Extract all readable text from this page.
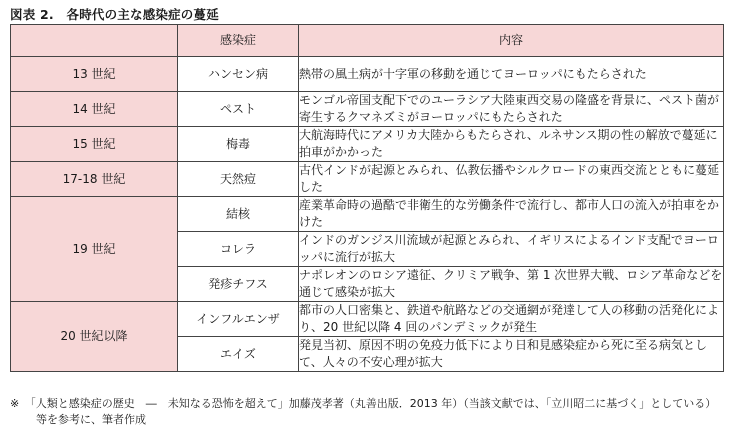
図表 2.　各時代の主な感染症の蔓延
	感染症	内容
13 世紀	ハンセン病	熱帯の風土病が十字軍の移動を通じてヨーロッパにもたらされた
14 世紀	ペスト	モンゴル帝国支配下でのユーラシア大陸東西交易の隆盛を背景に、ペスト菌が寄生するクマネズミがヨーロッパにもたらされた
15 世紀	梅毒	大航海時代にアメリカ大陸からもたらされ、ルネサンス期の性の解放で蔓延に拍車がかかった
17-18 世紀	天然痘	古代インドが起源とみられ、仏教伝播やシルクロードの東西交流とともに蔓延した
19 世紀	結核	産業革命時の過酷で非衛生的な労働条件で流行し、都市人口の流入が拍車をかけた
	コレラ	インドのガンジス川流域が起源とみられ、イギリスによるインド支配でヨーロッパに流行が拡大
	発疹チフス	ナポレオンのロシア遠征、クリミア戦争、第 1 次世界大戦、ロシア革命などを通じて感染が拡大
20 世紀以降	インフルエンザ	都市の人口密集と、鉄道や航路などの交通網が発達して人の移動の活発化により、20 世紀以降 4 回のパンデミックが発生
	エイズ	発見当初、原因不明の免疫力低下により日和見感染症から死に至る病気として、人々の不安心理が拡大
※　「人類と感染症の歴史　―　未知なる恐怖を超えて」加藤茂孝著（丸善出版．2013 年）（当該文献では、「立川昭二に基づく」としている）
等を参考に、筆者作成
